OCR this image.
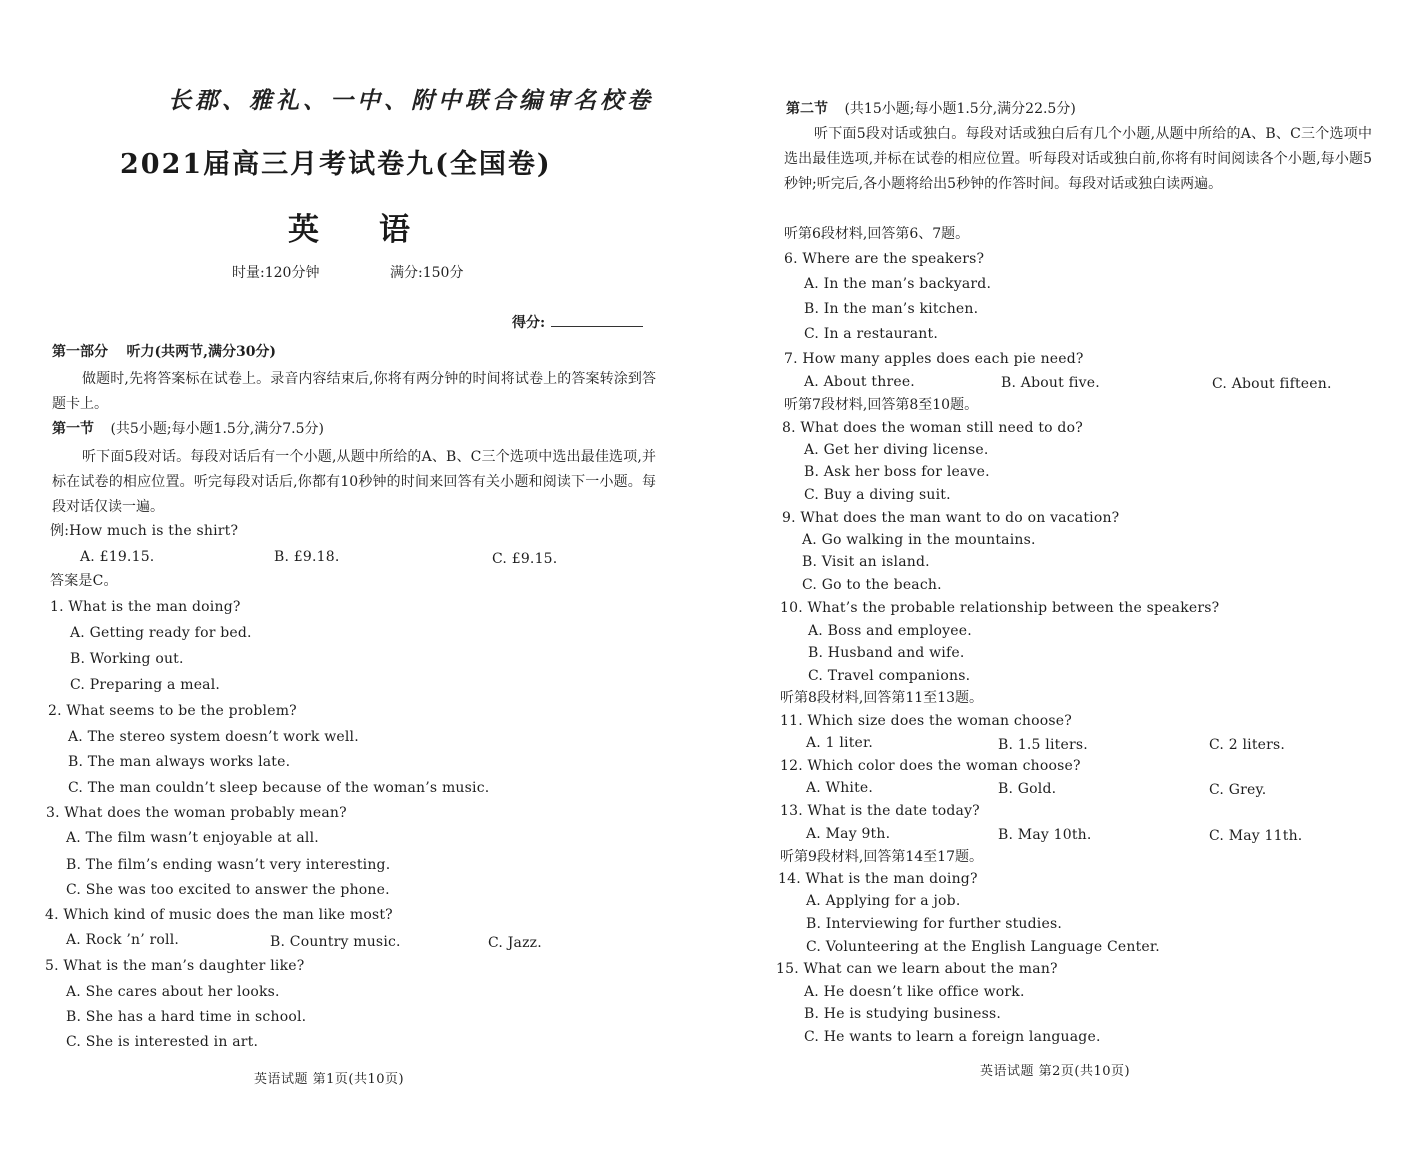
长郡、雅礼、一中、附中联合编审名校卷
2021届高三月考试卷九(全国卷)
英语
时量:120分钟	满分:150分
得分:
第一部分 听力(共两节,满分30分)
做题时,先将答案标在试卷上。录音内容结束后,你将有两分钟的时间将试卷上的答案转涂到答题卡上。
第一节 (共5小题;每小题1.5分,满分7.5分)
听下面5段对话。每段对话后有一个小题,从题中所给的A、B、C三个选项中选出最佳选项,并标在试卷的相应位置。听完每段对话后,你都有10秒钟的时间来回答有关小题和阅读下一小题。每段对话仅读一遍。
例:How much is the shirt?
A. £19.15.	B. £9.18.	C. £9.15.
答案是C。
1. What is the man doing?
A. Getting ready for bed.
B. Working out.
C. Preparing a meal.
2. What seems to be the problem?
A. The stereo system doesn’t work well.
B. The man always works late.
C. The man couldn’t sleep because of the woman’s music.
3. What does the woman probably mean?
A. The film wasn’t enjoyable at all.
B. The film’s ending wasn’t very interesting.
C. She was too excited to answer the phone.
4. Which kind of music does the man like most?
A. Rock ’n’ roll.	B. Country music.	C. Jazz.
5. What is the man’s daughter like?
A. She cares about her looks.
B. She has a hard time in school.
C. She is interested in art.
英语试题 第1页(共10页)
第二节 (共15小题;每小题1.5分,满分22.5分)
听下面5段对话或独白。每段对话或独白后有几个小题,从题中所给的A、B、C三个选项中选出最佳选项,并标在试卷的相应位置。听每段对话或独白前,你将有时间阅读各个小题,每小题5秒钟;听完后,各小题将给出5秒钟的作答时间。每段对话或独白读两遍。
听第6段材料,回答第6、7题。
6. Where are the speakers?
A. In the man’s backyard.
B. In the man’s kitchen.
C. In a restaurant.
7. How many apples does each pie need?
A. About three.	B. About five.	C. About fifteen.
听第7段材料,回答第8至10题。
8. What does the woman still need to do?
A. Get her diving license.
B. Ask her boss for leave.
C. Buy a diving suit.
9. What does the man want to do on vacation?
A. Go walking in the mountains.
B. Visit an island.
C. Go to the beach.
10. What’s the probable relationship between the speakers?
A. Boss and employee.
B. Husband and wife.
C. Travel companions.
听第8段材料,回答第11至13题。
11. Which size does the woman choose?
A. 1 liter.	B. 1.5 liters.	C. 2 liters.
12. Which color does the woman choose?
A. White.	B. Gold.	C. Grey.
13. What is the date today?
A. May 9th.	B. May 10th.	C. May 11th.
听第9段材料,回答第14至17题。
14. What is the man doing?
A. Applying for a job.
B. Interviewing for further studies.
C. Volunteering at the English Language Center.
15. What can we learn about the man?
A. He doesn’t like office work.
B. He is studying business.
C. He wants to learn a foreign language.
英语试题 第2页(共10页)
